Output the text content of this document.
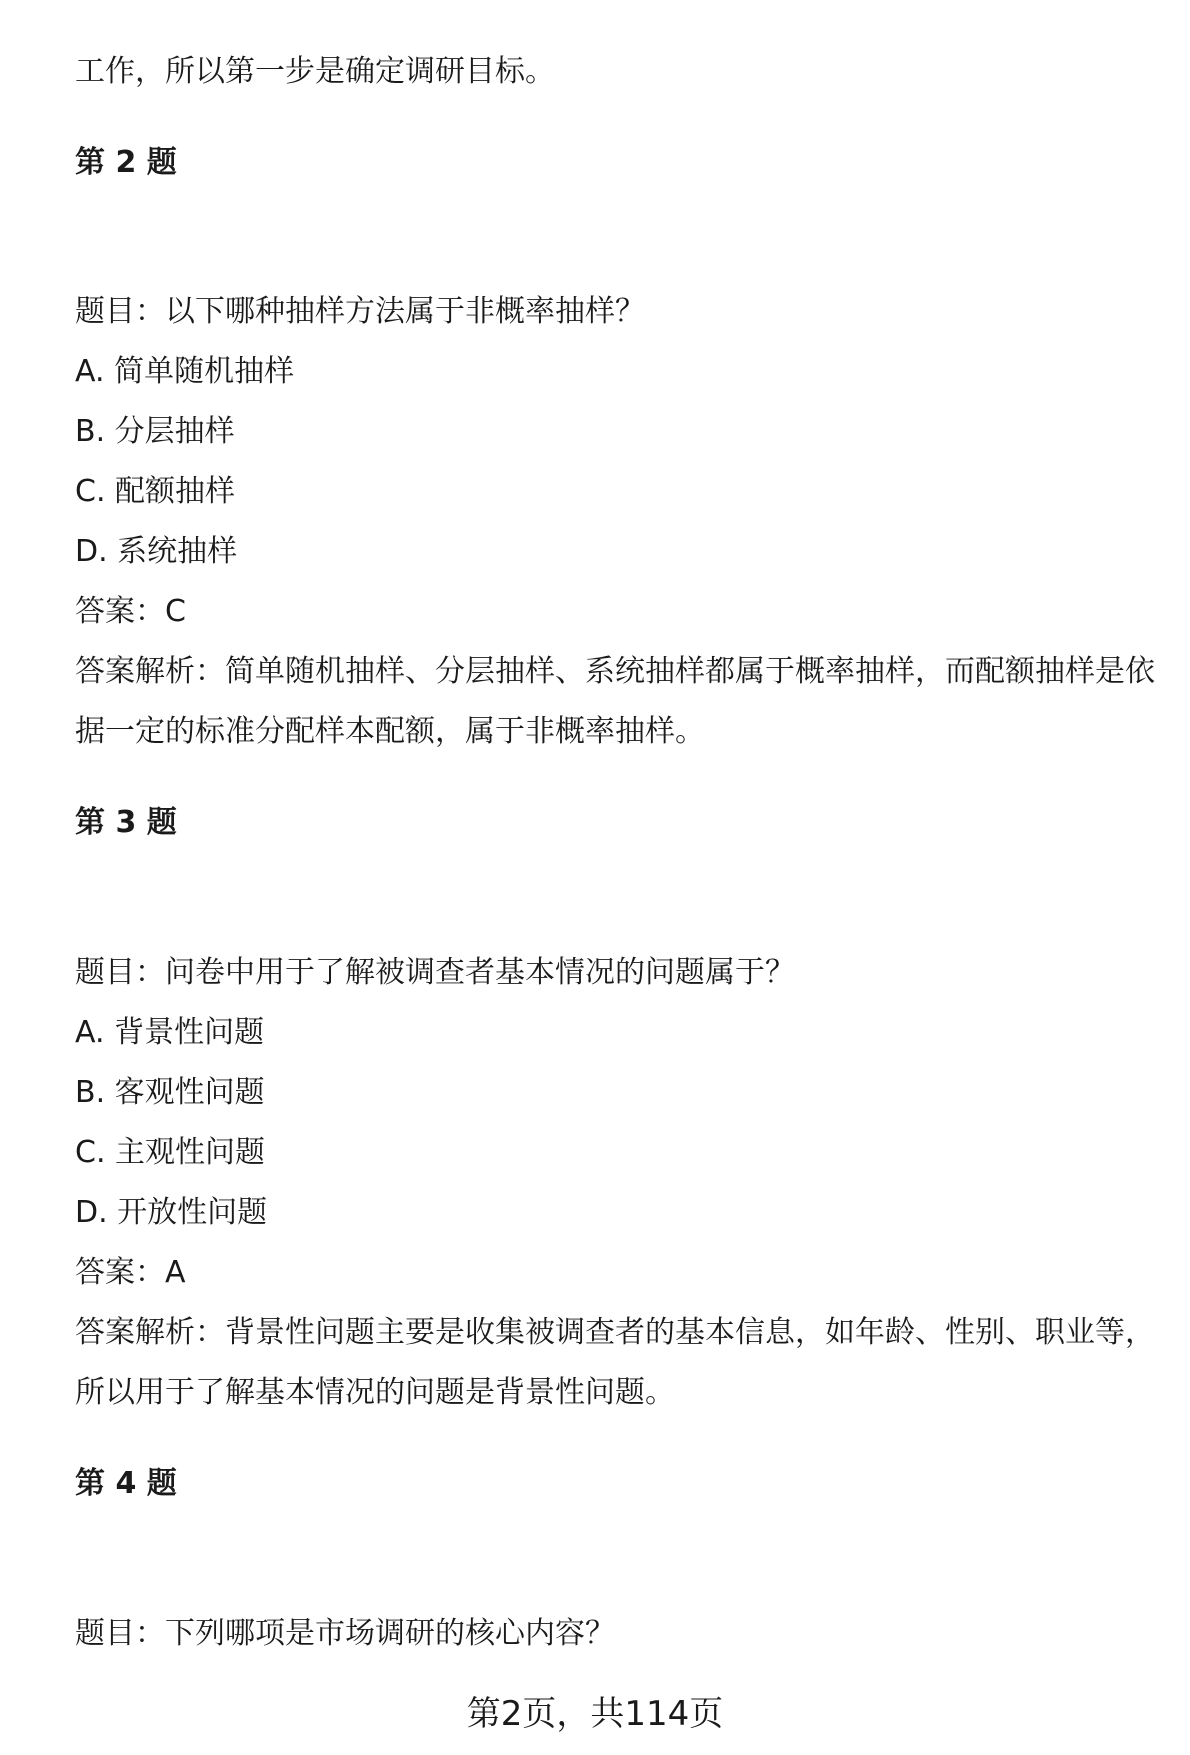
工作，所以第一步是确定调研目标。
第 2 题
题目：以下哪种抽样方法属于非概率抽样？
A. 简单随机抽样
B. 分层抽样
C. 配额抽样
D. 系统抽样
答案：C
答案解析：简单随机抽样、分层抽样、系统抽样都属于概率抽样，而配额抽样是依
据一定的标准分配样本配额，属于非概率抽样。
第 3 题
题目：问卷中用于了解被调查者基本情况的问题属于？
A. 背景性问题
B. 客观性问题
C. 主观性问题
D. 开放性问题
答案：A
答案解析：背景性问题主要是收集被调查者的基本信息，如年龄、性别、职业等，
所以用于了解基本情况的问题是背景性问题。
第 4 题
题目：下列哪项是市场调研的核心内容？
第2页，共114页
